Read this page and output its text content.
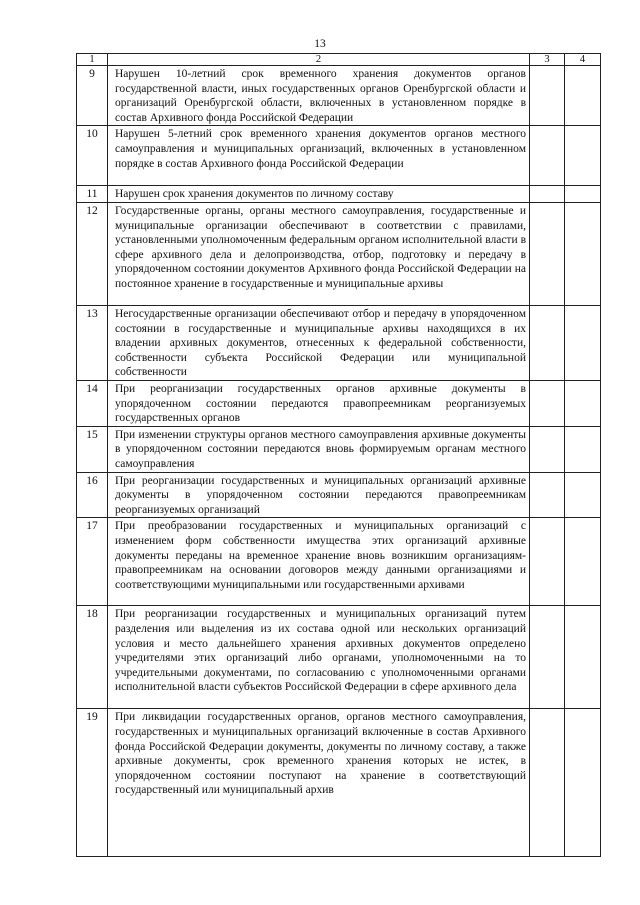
13
1	2	3	4
9	Нарушен 10-летний срок временного хранения документов органов государственной власти, иных государственных органов Оренбургской области и организаций Оренбургской области, включенных в установленном порядке в состав Архивного фонда Российской Федерации		
10	Нарушен 5-летний срок временного хранения документов органов местного самоуправления и муниципальных организаций, включенных в установленном порядке в состав Архивного фонда Российской Федерации		
11	Нарушен срок хранения документов по личному составу		
12	Государственные органы, органы местного самоуправления, государственные и муниципальные организации обеспечивают в соответствии с правилами, установленными уполномоченным федеральным органом исполнительной власти в сфере архивного дела и делопроизводства, отбор, подготовку и передачу в упорядоченном состоянии документов Архивного фонда Российской Федерации на постоянное хранение в государственные и муниципальные архивы		
13	Негосударственные организации обеспечивают отбор и передачу в упорядоченном состоянии в государственные и муниципальные архивы находящихся в их владении архивных документов, отнесенных к федеральной собственности, собственности субъекта Российской Федерации или муниципальной собственности		
14	При реорганизации государственных органов архивные документы в упорядоченном состоянии передаются правопреемникам реорганизуемых государственных органов		
15	При изменении структуры органов местного самоуправления архивные документы в упорядоченном состоянии передаются вновь формируемым органам местного самоуправления		
16	При реорганизации государственных и муниципальных организаций архивные документы в упорядоченном состоянии передаются правопреемникам реорганизуемых организаций		
17	При преобразовании государственных и муниципальных организаций с изменением форм собственности имущества этих организаций архивные документы переданы на временное хранение вновь возникшим организациям-правопреемникам на основании договоров между данными организациями и соответствующими муниципальными или государственными архивами		
18	При реорганизации государственных и муниципальных организаций путем разделения или выделения из их состава одной или нескольких организаций условия и место дальнейшего хранения архивных документов определено учредителями этих организаций либо органами, уполномоченными на то учредительными документами, по согласованию с уполномоченными органами исполнительной власти субъектов Российской Федерации в сфере архивного дела		
19	При ликвидации государственных органов, органов местного самоуправления, государственных и муниципальных организаций включенные в состав Архивного фонда Российской Федерации документы, документы по личному составу, а также архивные документы, срок временного хранения которых не истек, в упорядоченном состоянии поступают на хранение в соответствующий государственный или муниципальный архив		
